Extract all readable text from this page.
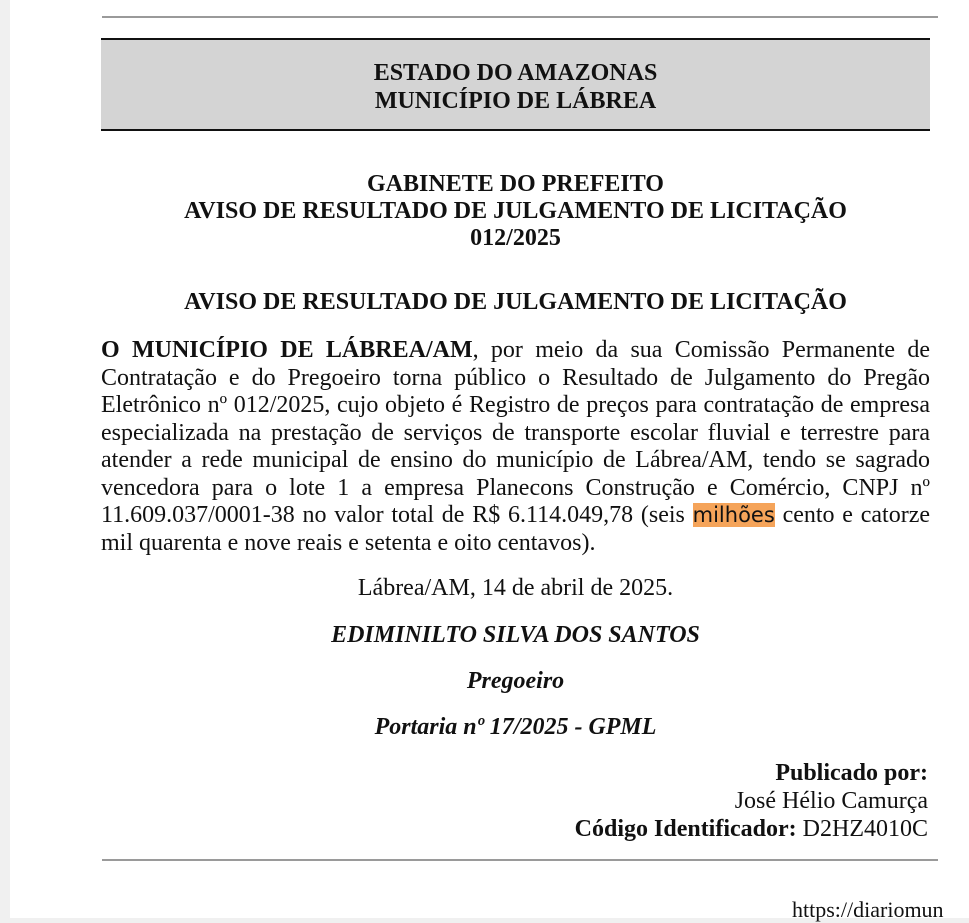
ESTADO DO AMAZONAS
MUNICÍPIO DE LÁBREA
GABINETE DO PREFEITO
AVISO DE RESULTADO DE JULGAMENTO DE LICITAÇÃO
012/2025
AVISO DE RESULTADO DE JULGAMENTO DE LICITAÇÃO
O MUNICÍPIO DE LÁBREA/AM, por meio da sua Comissão Permanente de Contratação e do Pregoeiro torna público o Resultado de Julgamento do Pregão Eletrônico nº 012/2025, cujo objeto é Registro de preços para contratação de empresa especializada na prestação de serviços de transporte escolar fluvial e terrestre para atender a rede municipal de ensino do município de Lábrea/AM, tendo se sagrado vencedora para o lote 1 a empresa Planecons Construção e Comércio, CNPJ nº 11.609.037/0001-38 no valor total de R$ 6.114.049,78 (seis milhões cento e catorze mil quarenta e nove reais e setenta e oito centavos).
Lábrea/AM, 14 de abril de 2025.
EDIMINILTO SILVA DOS SANTOS
Pregoeiro
Portaria nº 17/2025 - GPML
Publicado por:
José Hélio Camurça
Código Identificador: D2HZ4010C
https://diariomun
